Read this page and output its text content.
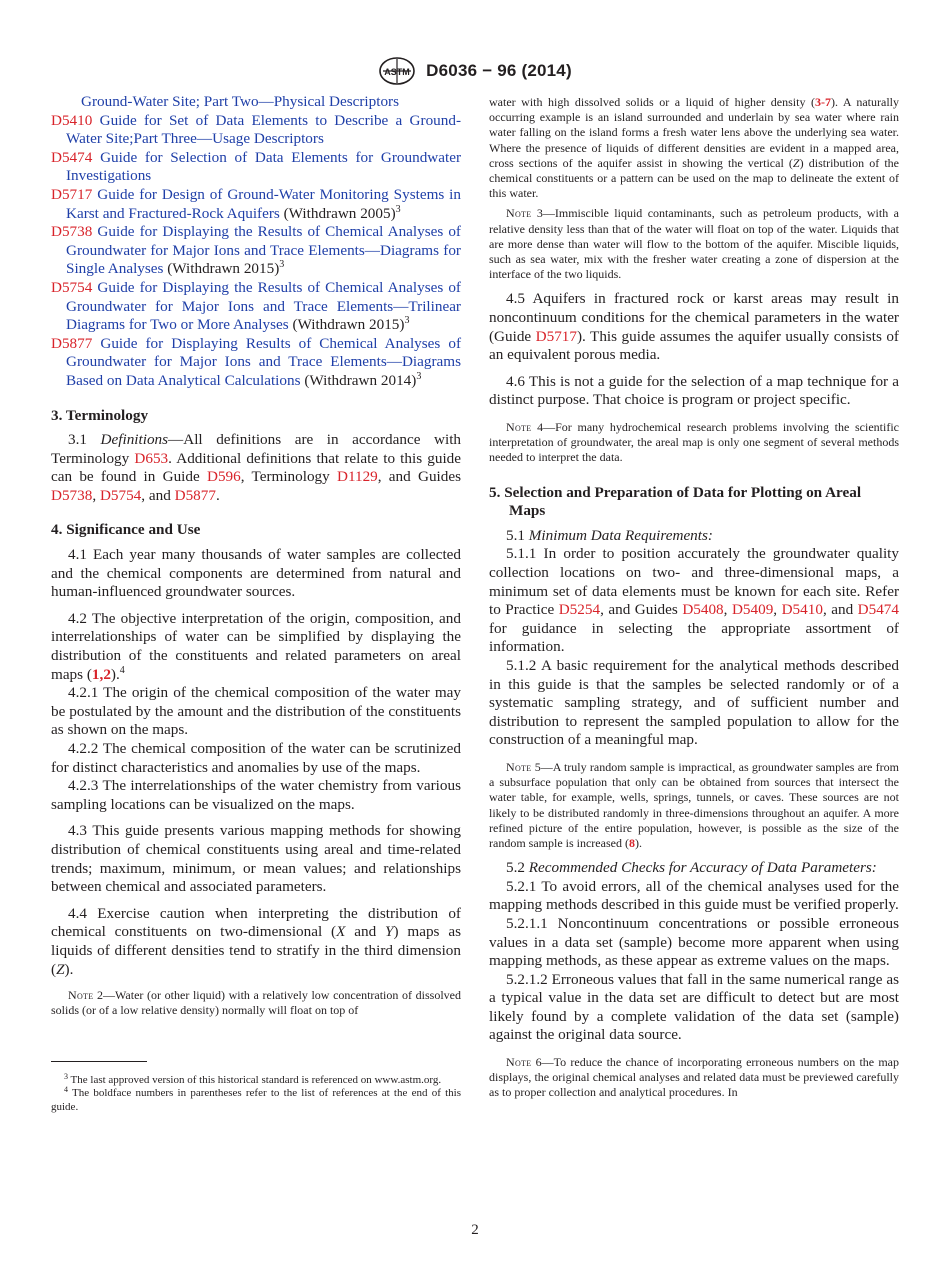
ASTM D6036 − 96 (2014)
Ground-Water Site; Part Two—Physical Descriptors
D5410 Guide for Set of Data Elements to Describe a Ground-Water Site;Part Three—Usage Descriptors
D5474 Guide for Selection of Data Elements for Groundwater Investigations
D5717 Guide for Design of Ground-Water Monitoring Systems in Karst and Fractured-Rock Aquifers (Withdrawn 2005)$^3$
D5738 Guide for Displaying the Results of Chemical Analyses of Groundwater for Major Ions and Trace Elements—Diagrams for Single Analyses (Withdrawn 2015)$^3$
D5754 Guide for Displaying the Results of Chemical Analyses of Groundwater for Major Ions and Trace Elements—Trilinear Diagrams for Two or More Analyses (Withdrawn 2015)$^3$
D5877 Guide for Displaying Results of Chemical Analyses of Groundwater for Major Ions and Trace Elements—Diagrams Based on Data Analytical Calculations (Withdrawn 2014)$^3$
3. Terminology
3.1 Definitions—All definitions are in accordance with Terminology D653. Additional definitions that relate to this guide can be found in Guide D596, Terminology D1129, and Guides D5738, D5754, and D5877.
4. Significance and Use
4.1 Each year many thousands of water samples are collected and the chemical components are determined from natural and human-influenced groundwater sources.
4.2 The objective interpretation of the origin, composition, and interrelationships of water can be simplified by displaying the distribution of the constituents and related parameters on areal maps (1,2).$^4$
4.2.1 The origin of the chemical composition of the water may be postulated by the amount and the distribution of the constituents as shown on the maps.
4.2.2 The chemical composition of the water can be scrutinized for distinct characteristics and anomalies by use of the maps.
4.2.3 The interrelationships of the water chemistry from various sampling locations can be visualized on the maps.
4.3 This guide presents various mapping methods for showing distribution of chemical constituents using areal and time-related trends; maximum, minimum, or mean values; and relationships between chemical and associated parameters.
4.4 Exercise caution when interpreting the distribution of chemical constituents on two-dimensional (X and Y) maps as liquids of different densities tend to stratify in the third dimension (Z).
Note 2—Water (or other liquid) with a relatively low concentration of dissolved solids (or of a low relative density) normally will float on top of
$^3$ The last approved version of this historical standard is referenced on www.astm.org.
$^4$ The boldface numbers in parentheses refer to the list of references at the end of this guide.
water with high dissolved solids or a liquid of higher density (3-7). A naturally occurring example is an island surrounded and underlain by sea water where rain water falling on the island forms a fresh water lens above the underlying sea water. Where the presence of liquids of different densities are evident in a mapped area, cross sections of the aquifer assist in showing the vertical (Z) distribution of the chemical constituents or a pattern can be used on the map to delineate the extent of this water.
Note 3—Immiscible liquid contaminants, such as petroleum products, with a relative density less than that of the water will float on top of the water. Liquids that are more dense than water will flow to the bottom of the aquifer. Miscible liquids, such as sea water, mix with the fresher water creating a zone of dispersion at the interface of the two liquids.
4.5 Aquifers in fractured rock or karst areas may result in noncontinuum conditions for the chemical parameters in the water (Guide D5717). This guide assumes the aquifer usually consists of an equivalent porous media.
4.6 This is not a guide for the selection of a map technique for a distinct purpose. That choice is program or project specific.
Note 4—For many hydrochemical research problems involving the scientific interpretation of groundwater, the areal map is only one segment of several methods needed to interpret the data.
5. Selection and Preparation of Data for Plotting on Areal Maps
5.1 Minimum Data Requirements:
5.1.1 In order to position accurately the groundwater quality collection locations on two- and three-dimensional maps, a minimum set of data elements must be known for each site. Refer to Practice D5254, and Guides D5408, D5409, D5410, and D5474 for guidance in selecting the appropriate assortment of information.
5.1.2 A basic requirement for the analytical methods described in this guide is that the samples be selected randomly or of a systematic sampling strategy, and of sufficient number and distribution to represent the sampled population to allow for the construction of a meaningful map.
Note 5—A truly random sample is impractical, as groundwater samples are from a subsurface population that only can be obtained from sources that intersect the water table, for example, wells, springs, tunnels, or caves. These sources are not likely to be distributed randomly in three-dimensions throughout an aquifer. A more refined picture of the entire population, however, is possible as the size of the random sample is increased (8).
5.2 Recommended Checks for Accuracy of Data Parameters:
5.2.1 To avoid errors, all of the chemical analyses used for the mapping methods described in this guide must be verified properly.
5.2.1.1 Noncontinuum concentrations or possible erroneous values in a data set (sample) become more apparent when using mapping methods, as these appear as extreme values on the maps.
5.2.1.2 Erroneous values that fall in the same numerical range as a typical value in the data set are difficult to detect but are most likely found by a complete validation of the data set (sample) against the original data source.
Note 6—To reduce the chance of incorporating erroneous numbers on the map displays, the original chemical analyses and related data must be previewed carefully as to proper collection and analytical procedures. In
2
